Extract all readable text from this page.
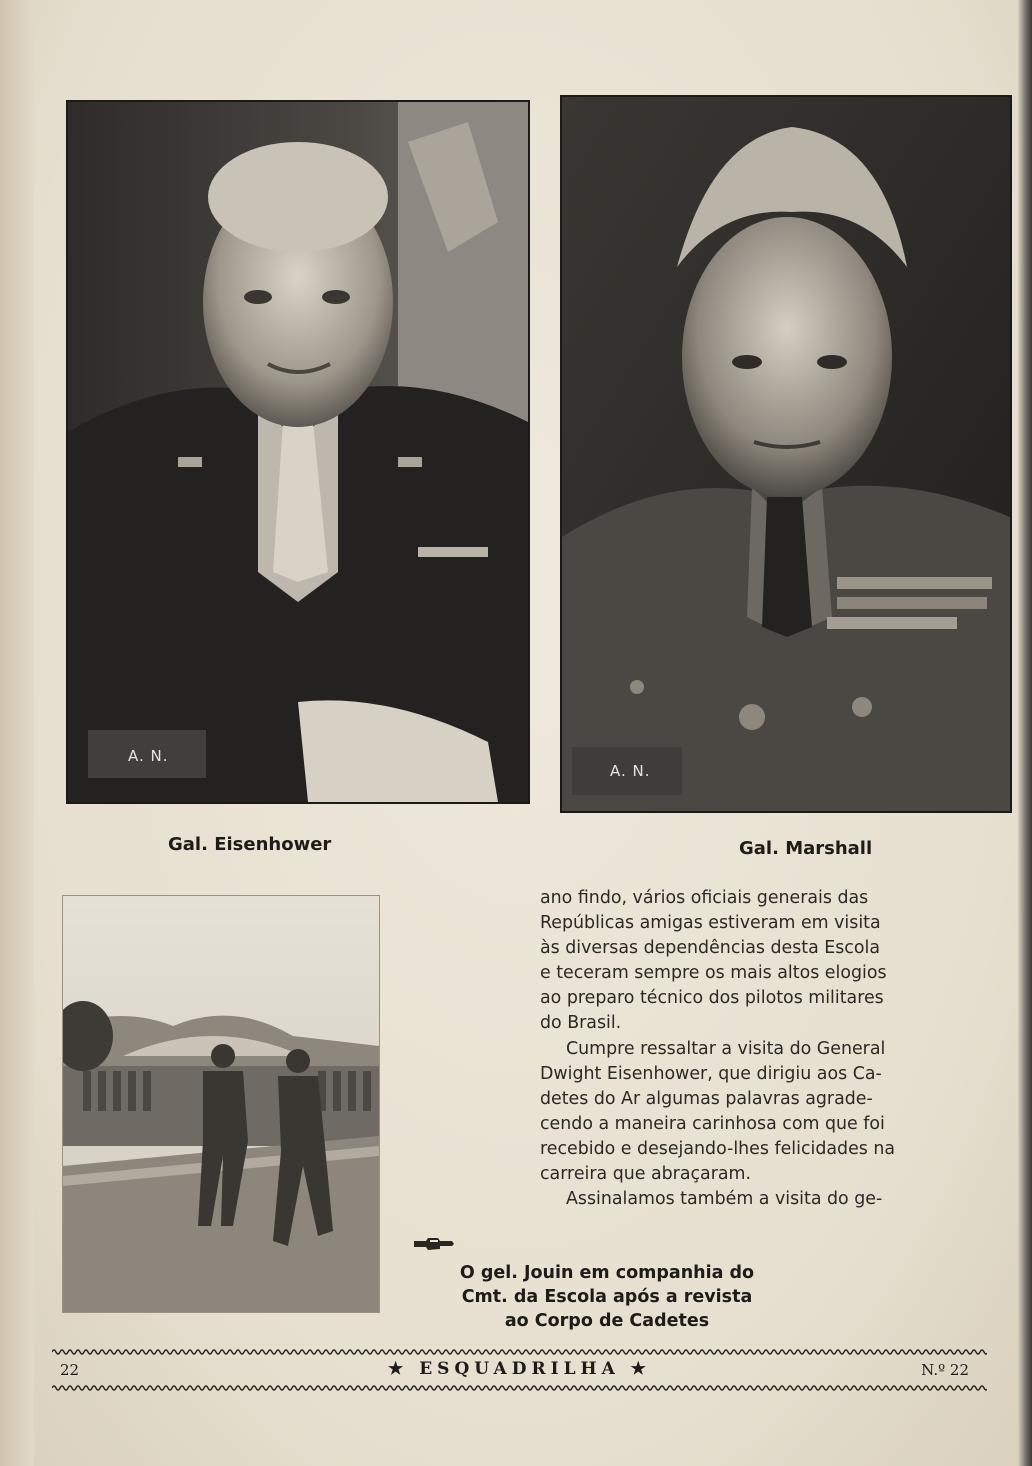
A. N.
A. N.
Gal. Eisenhower	Gal. Marshall

ano findo, vários oficiais generais das
Repúblicas amigas estiveram em visita
às diversas dependências desta Escola
e teceram sempre os mais altos elogios
ao preparo técnico dos pilotos militares
do Brasil.

Cumpre ressaltar a visita do General
Dwight Eisenhower, que dirigiu aos Ca-
detes do Ar algumas palavras agrade-
cendo a maneira carinhosa com que foi
recebido e desejando-lhes felicidades na
carreira que abraçaram.

Assinalamos também a visita do ge-

O gel. Jouin em companhia do
Cmt. da Escola após a revista
ao Corpo de Cadetes
22	★ ESQUADRILHA ★	N.º 22
